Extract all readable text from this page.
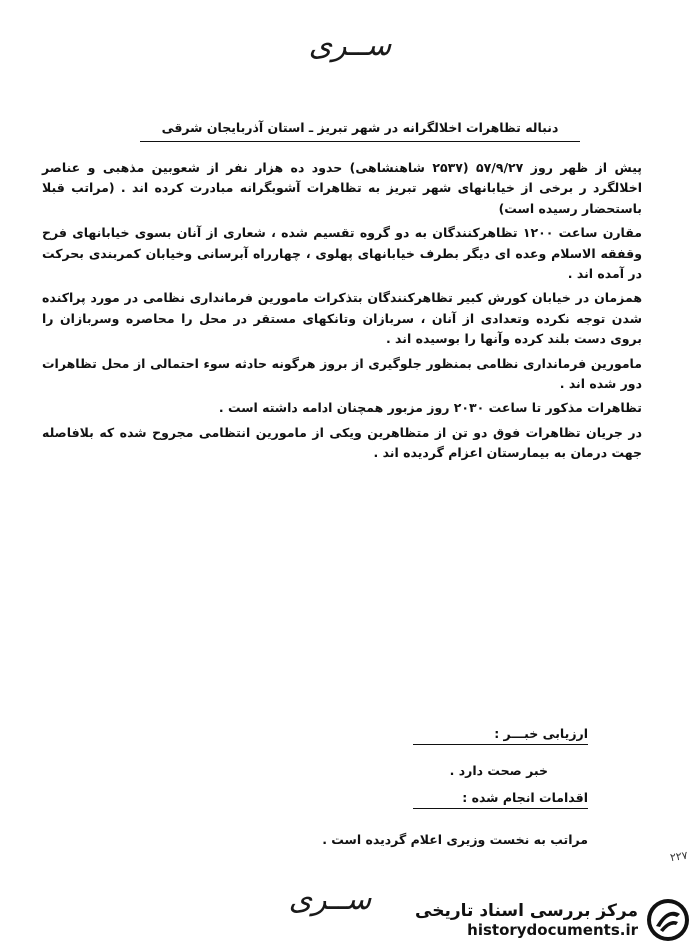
ســری
دنباله تظاهرات اخلالگرانه در شهر تبریز ـ استان آذربایجان شرقی

پیش از ظهر روز ۵۷/۹/۲۷ (۲۵۳۷ شاهنشاهی) حدود ده هزار نفر از شعوبین مذهبی و عناصر اخلالگرد ر برخی از خیابانهای شهر تبریز به تظاهرات آشوبگرانه مبادرت کرده اند . (مراتب قبلا باستحضار رسیده است)

مقارن ساعت ۱۲۰۰ تظاهرکنندگان به دو گروه تقسیم شده ، شعاری از آنان بسوی خیابانهای فرح وقفقه الاسلام وعده ای دیگر بطرف خیابانهای پهلوی ، چهارراه آبرسانی وخیابان کمربندی بحرکت در آمده اند .

همزمان در خیابان کورش کبیر تظاهرکنندگان بتذکرات مامورین فرمانداری نظامی در مورد پراکنده شدن توجه نکرده وتعدادی از آنان ، سربازان وتانکهای مستقر در محل را محاصره وسربازان را بروی دست بلند کرده وآنها را بوسیده اند .

مامورین فرمانداری نظامی بمنظور جلوگیری از بروز هرگونه حادثه سوء احتمالی از محل تظاهرات دور شده اند .

تظاهرات مذکور تا ساعت ۲۰۳۰ روز مزبور همچنان ادامه داشته است .

در جریان تظاهرات فوق دو تن از متظاهرین ویکی از مامورین انتظامی مجروح شده که بلافاصله جهت درمان به بیمارستان اعزام گردیده اند .

ارزیابی خبـــر :
خبر صحت دارد .
اقدامات انجام شده :
مراتب به نخست وزیری اعلام گردیده است .
۲۲۷
ســری	مرکز بررسی اسناد تاریخی
historydocuments.ir
